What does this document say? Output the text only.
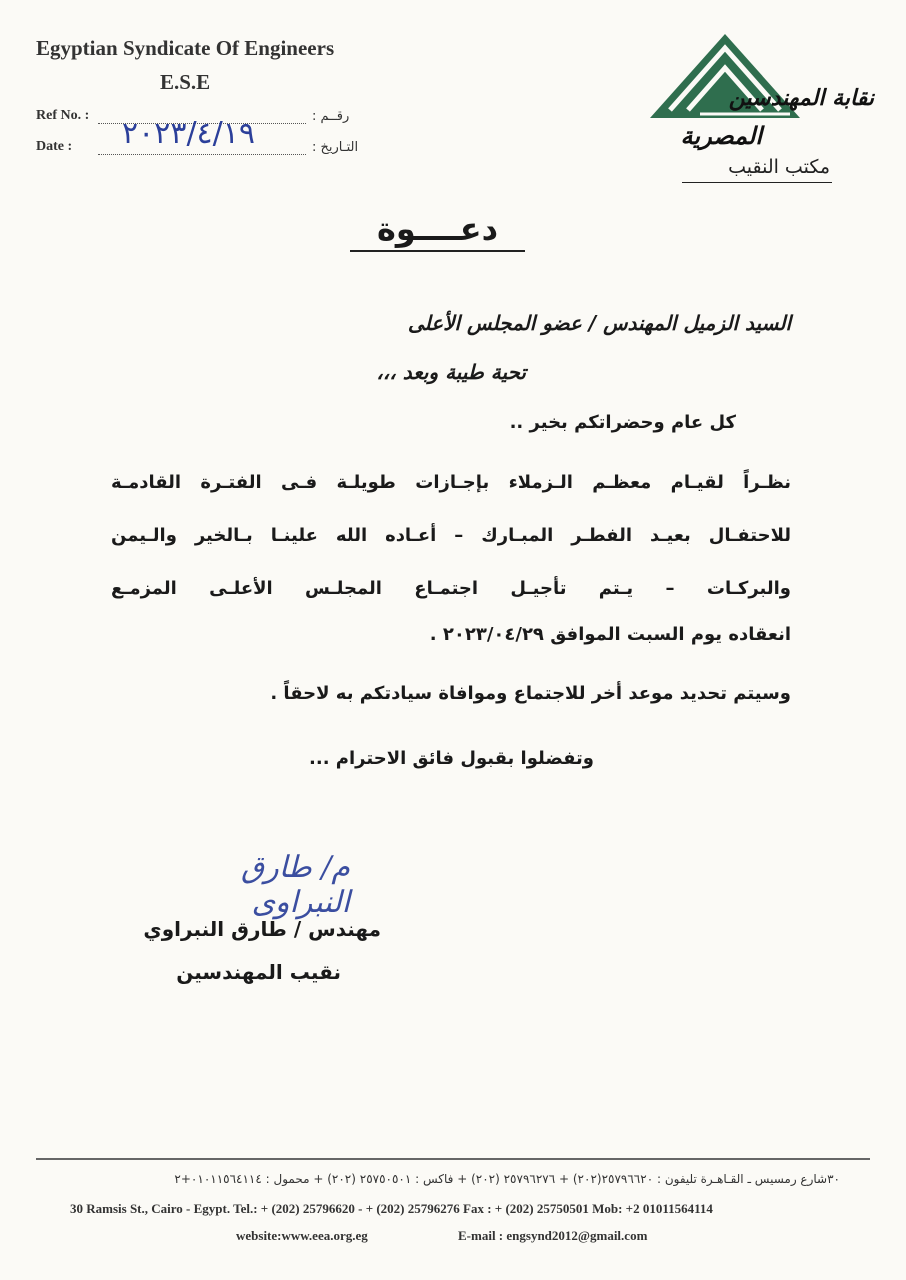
Egyptian Syndicate Of Engineers
E.S.E
Ref No. :	رقــم :
Date : ٢٠٢٣/٤/١٩	التـاريخ :
نقابة المهندسين
المصرية
مكتب النقيب
دعــــوة
السيد الزميل المهندس / عضو المجلس الأعلى
تحية طيبة وبعد ،،،
كل عام وحضراتكم بخير ..
نظـراً لقيـام معظـم الـزملاء بإجـازات طويلـة فـى الفتـرة القادمـة
للاحتفـال بعيـد الفطـر المبـارك – أعـاده الله علينـا بـالخير والـيمن
والبركـات – يـتم تأجيـل اجتمـاع المجلـس الأعلـى المزمـع
انعقاده يوم السبت الموافق ٢٠٢٣/٠٤/٢٩ .
وسيتم تحديد موعد أخر للاجتماع وموافاة سيادتكم به لاحقاً .
وتفضلوا بقبول فائق الاحترام ...
م/ طارق النبراوى
مهندس / طارق النبراوي
نقيب المهندسين
٣٠شارع رمسيس ـ القـاهـرة تليفون : ٢٥٧٩٦٦٢٠(٢٠٢) + ٢٥٧٩٦٢٧٦ (٢٠٢) + فاكس : ٢٥٧٥٠٥٠١ (٢٠٢) + محمول : ٠١٠١١٥٦٤١١٤+٢
30 Ramsis St., Cairo - Egypt. Tel.: + (202) 25796620 - + (202) 25796276 Fax : + (202) 25750501 Mob: +2 01011564114
website:www.eea.org.eg	E-mail : engsynd2012@gmail.com
